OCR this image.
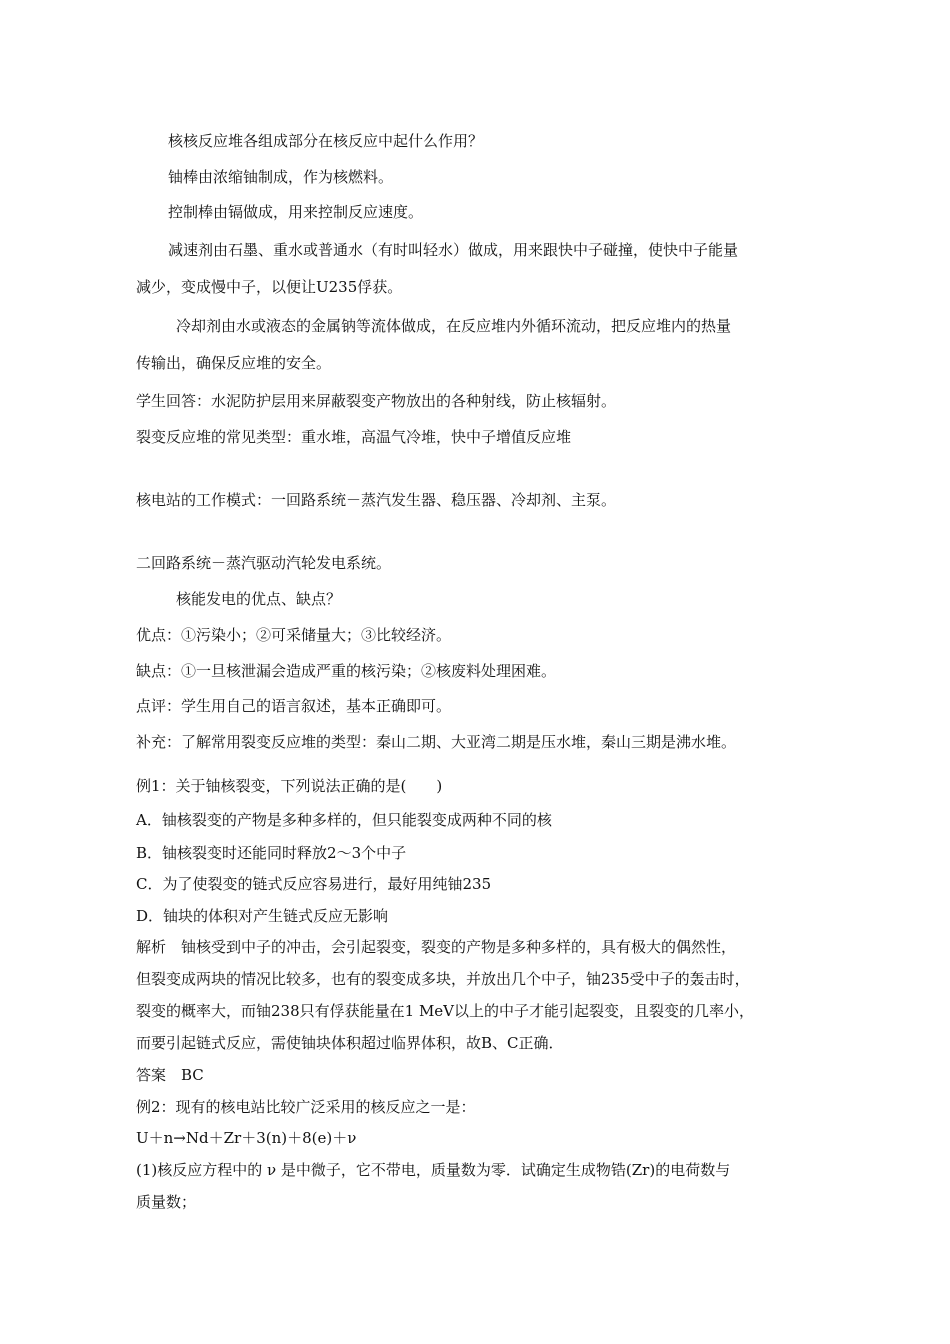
核核反应堆各组成部分在核反应中起什么作用？
铀棒由浓缩铀制成，作为核燃料。
控制棒由镉做成，用来控制反应速度。
减速剂由石墨、重水或普通水（有时叫轻水）做成，用来跟快中子碰撞，使快中子能量
减少，变成慢中子，以便让U235俘获。
冷却剂由水或液态的金属钠等流体做成，在反应堆内外循环流动，把反应堆内的热量
传输出，确保反应堆的安全。
学生回答：水泥防护层用来屏蔽裂变产物放出的各种射线，防止核辐射。
裂变反应堆的常见类型：重水堆，高温气冷堆，快中子增值反应堆
核电站的工作模式：一回路系统－蒸汽发生器、稳压器、冷却剂、主泵。
二回路系统－蒸汽驱动汽轮发电系统。
核能发电的优点、缺点？
优点：①污染小；②可采储量大；③比较经济。
缺点：①一旦核泄漏会造成严重的核污染；②核废料处理困难。
点评：学生用自己的语言叙述，基本正确即可。
补充：了解常用裂变反应堆的类型：秦山二期、大亚湾二期是压水堆，秦山三期是沸水堆。
例1：关于铀核裂变，下列说法正确的是(　　)
A．铀核裂变的产物是多种多样的，但只能裂变成两种不同的核
B．铀核裂变时还能同时释放2～3个中子
C．为了使裂变的链式反应容易进行，最好用纯铀235
D．铀块的体积对产生链式反应无影响
解析　铀核受到中子的冲击，会引起裂变，裂变的产物是多种多样的，具有极大的偶然性，
但裂变成两块的情况比较多，也有的裂变成多块，并放出几个中子，铀235受中子的轰击时，
裂变的概率大，而铀238只有俘获能量在1 MeV以上的中子才能引起裂变，且裂变的几率小，
而要引起链式反应，需使铀块体积超过临界体积，故B、C正确．
答案　BC
例2：现有的核电站比较广泛采用的核反应之一是：
U＋n→Nd＋Zr＋3(n)＋8(e)＋ν
(1)核反应方程中的 ν 是中微子，它不带电，质量数为零．试确定生成物锆(Zr)的电荷数与
质量数；
